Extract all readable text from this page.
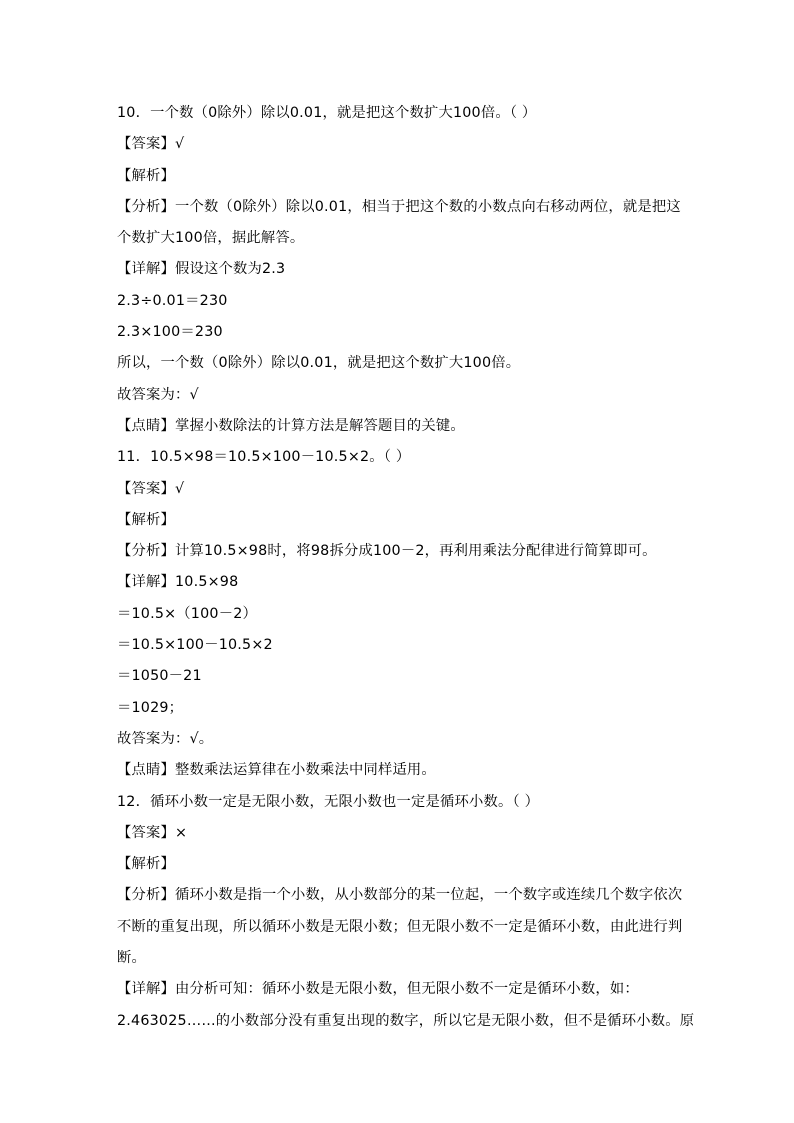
10．一个数（0除外）除以0.01，就是把这个数扩大100倍。（ ）
【答案】√
【解析】
【分析】一个数（0除外）除以0.01，相当于把这个数的小数点向右移动两位，就是把这
个数扩大100倍，据此解答。
【详解】假设这个数为2.3
2.3÷0.01＝230
2.3×100＝230
所以，一个数（0除外）除以0.01，就是把这个数扩大100倍。
故答案为：√
【点睛】掌握小数除法的计算方法是解答题目的关键。
11．10.5×98＝10.5×100－10.5×2。（ ）
【答案】√
【解析】
【分析】计算10.5×98时，将98拆分成100－2，再利用乘法分配律进行简算即可。
【详解】10.5×98
＝10.5×（100－2）
＝10.5×100－10.5×2
＝1050－21
＝1029；
故答案为：√。
【点睛】整数乘法运算律在小数乘法中同样适用。
12．循环小数一定是无限小数，无限小数也一定是循环小数。（ ）
【答案】×
【解析】
【分析】循环小数是指一个小数，从小数部分的某一位起，一个数字或连续几个数字依次
不断的重复出现，所以循环小数是无限小数；但无限小数不一定是循环小数，由此进行判
断。
【详解】由分析可知：循环小数是无限小数，但无限小数不一定是循环小数，如：
2.463025……的小数部分没有重复出现的数字，所以它是无限小数，但不是循环小数。原
